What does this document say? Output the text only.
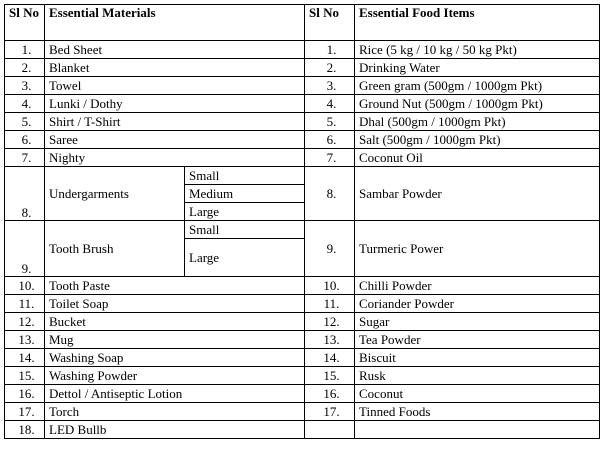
Sl No	Essential Materials		Sl No	Essential Food Items
1.	Bed Sheet		1.	Rice (5 kg / 10 kg / 50 kg Pkt)
2.	Blanket		2.	Drinking Water
3.	Towel		3.	Green gram (500gm / 1000gm Pkt)
4.	Lunki / Dothy		4.	Ground Nut (500gm / 1000gm Pkt)
5.	Shirt / T-Shirt		5.	Dhal (500gm / 1000gm Pkt)
6.	Saree		6.	Salt (500gm / 1000gm Pkt)
7.	Nighty		7.	Coconut Oil
8.	Undergarments	Small	8.	Sambar Powder
		Medium		
		Large		
9.	Tooth Brush	Small	9.	Turmeric Power
		Large		
10.	Tooth Paste		10.	Chilli Powder
11.	Toilet Soap		11.	Coriander Powder
12.	Bucket		12.	Sugar
13.	Mug		13.	Tea Powder
14.	Washing Soap		14.	Biscuit
15.	Washing Powder		15.	Rusk
16.	Dettol / Antiseptic Lotion		16.	Coconut
17.	Torch		17.	Tinned Foods
18.	LED Bullb			
